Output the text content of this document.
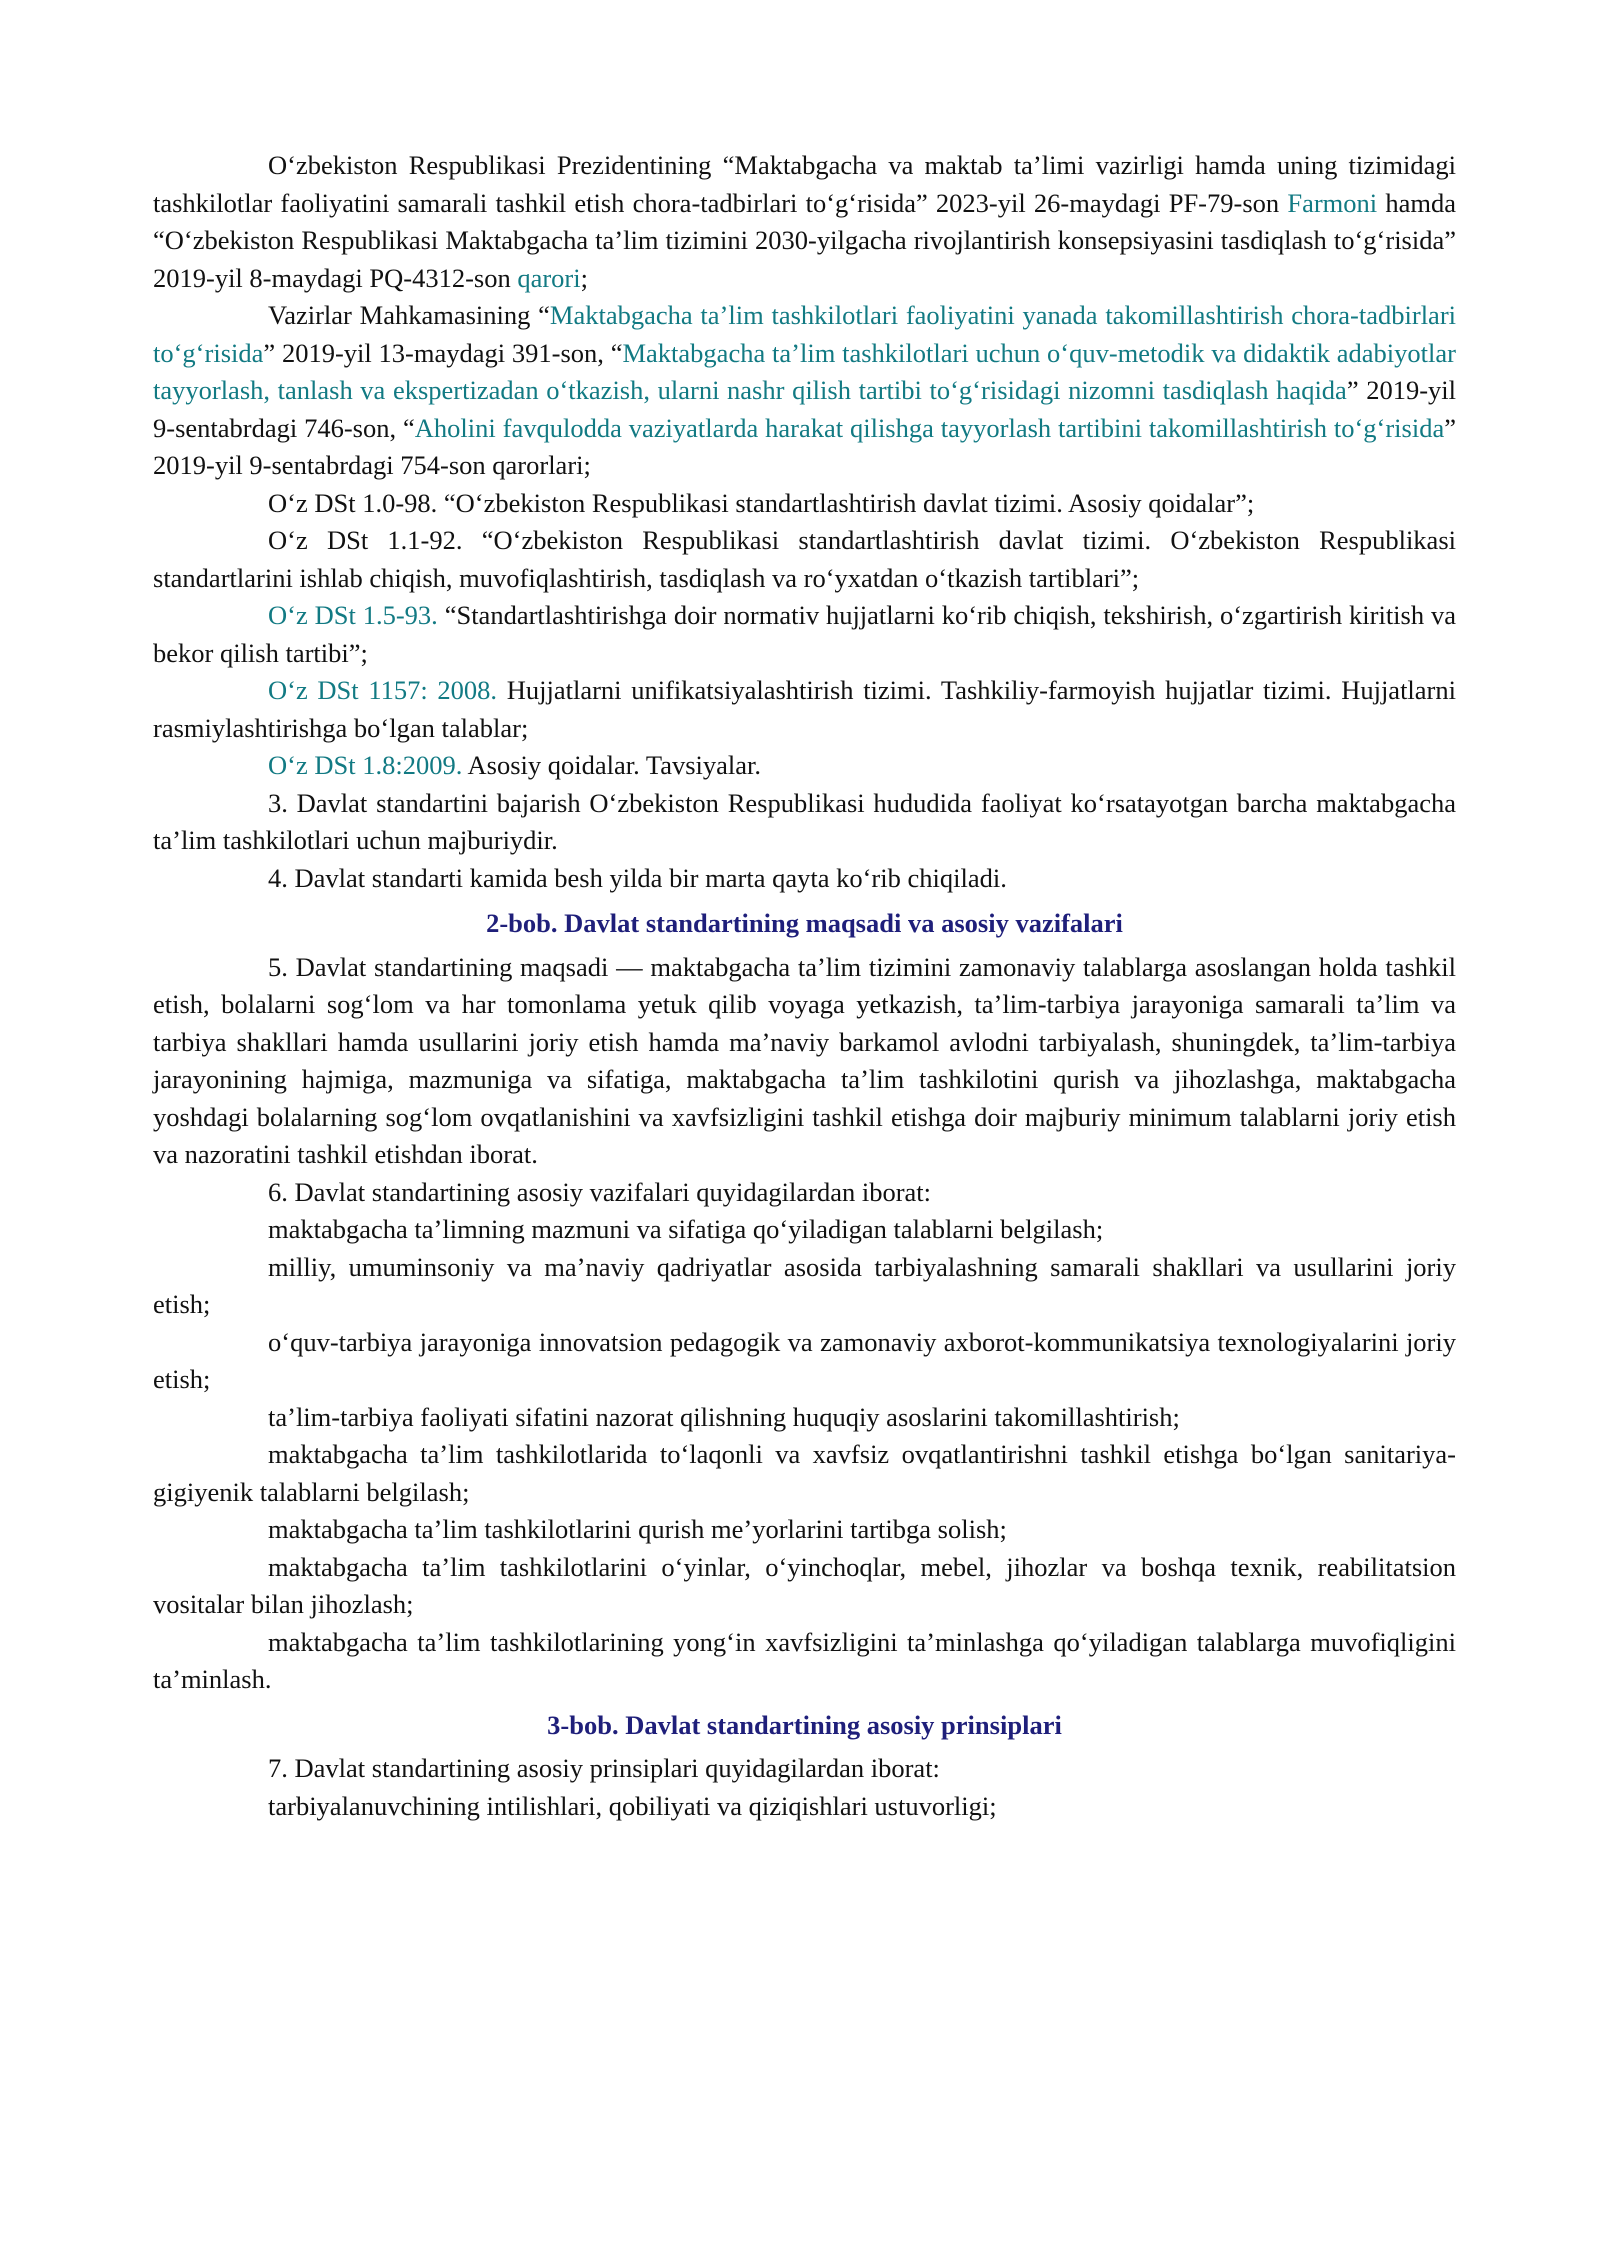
O‘zbekiston Respublikasi Prezidentining “Maktabgacha va maktab ta’limi vazirligi hamda uning tizimidagi tashkilotlar faoliyatini samarali tashkil etish chora-tadbirlari to‘g‘risida” 2023-yil 26-maydagi PF-79-son Farmoni hamda “O‘zbekiston Respublikasi Maktabgacha ta’lim tizimini 2030-yilgacha rivojlantirish konsepsiyasini tasdiqlash to‘g‘risida” 2019-yil 8-maydagi PQ-4312-son qarori;

Vazirlar Mahkamasining “Maktabgacha ta’lim tashkilotlari faoliyatini yanada takomillashtirish chora-tadbirlari to‘g‘risida” 2019-yil 13-maydagi 391-son, “Maktabgacha ta’lim tashkilotlari uchun o‘quv-metodik va didaktik adabiyotlar tayyorlash, tanlash va ekspertizadan o‘tkazish, ularni nashr qilish tartibi to‘g‘risidagi nizomni tasdiqlash haqida” 2019-yil 9-sentabrdagi 746-son, “Aholini favqulodda vaziyatlarda harakat qilishga tayyorlash tartibini takomillashtirish to‘g‘risida” 2019-yil 9-sentabrdagi 754-son qarorlari;

O‘z DSt 1.0-98. “O‘zbekiston Respublikasi standartlashtirish davlat tizimi. Asosiy qoidalar”;

O‘z DSt 1.1-92. “O‘zbekiston Respublikasi standartlashtirish davlat tizimi. O‘zbekiston Respublikasi standartlarini ishlab chiqish, muvofiqlashtirish, tasdiqlash va ro‘yxatdan o‘tkazish tartiblari”;

O‘z DSt 1.5-93. “Standartlashtirishga doir normativ hujjatlarni ko‘rib chiqish, tekshirish, o‘zgartirish kiritish va bekor qilish tartibi”;

O‘z DSt 1157: 2008. Hujjatlarni unifikatsiyalashtirish tizimi. Tashkiliy-farmoyish hujjatlar tizimi. Hujjatlarni rasmiylashtirishga bo‘lgan talablar;

O‘z DSt 1.8:2009. Asosiy qoidalar. Tavsiyalar.

3. Davlat standartini bajarish O‘zbekiston Respublikasi hududida faoliyat ko‘rsatayotgan barcha maktabgacha ta’lim tashkilotlari uchun majburiydir.

4. Davlat standarti kamida besh yilda bir marta qayta ko‘rib chiqiladi.

2-bob. Davlat standartining maqsadi va asosiy vazifalari

5. Davlat standartining maqsadi — maktabgacha ta’lim tizimini zamonaviy talablarga asoslangan holda tashkil etish, bolalarni sog‘lom va har tomonlama yetuk qilib voyaga yetkazish, ta’lim-tarbiya jarayoniga samarali ta’lim va tarbiya shakllari hamda usullarini joriy etish hamda ma’naviy barkamol avlodni tarbiyalash, shuningdek, ta’lim-tarbiya jarayonining hajmiga, mazmuniga va sifatiga, maktabgacha ta’lim tashkilotini qurish va jihozlashga, maktabgacha yoshdagi bolalarning sog‘lom ovqatlanishini va xavfsizligini tashkil etishga doir majburiy minimum talablarni joriy etish va nazoratini tashkil etishdan iborat.

6. Davlat standartining asosiy vazifalari quyidagilardan iborat:

maktabgacha ta’limning mazmuni va sifatiga qo‘yiladigan talablarni belgilash;

milliy, umuminsoniy va ma’naviy qadriyatlar asosida tarbiyalashning samarali shakllari va usullarini joriy etish;

o‘quv-tarbiya jarayoniga innovatsion pedagogik va zamonaviy axborot-kommunikatsiya texnologiyalarini joriy etish;

ta’lim-tarbiya faoliyati sifatini nazorat qilishning huquqiy asoslarini takomillashtirish;

maktabgacha ta’lim tashkilotlarida to‘laqonli va xavfsiz ovqatlantirishni tashkil etishga bo‘lgan sanitariya-gigiyenik talablarni belgilash;

maktabgacha ta’lim tashkilotlarini qurish me’yorlarini tartibga solish;

maktabgacha ta’lim tashkilotlarini o‘yinlar, o‘yinchoqlar, mebel, jihozlar va boshqa texnik, reabilitatsion vositalar bilan jihozlash;

maktabgacha ta’lim tashkilotlarining yong‘in xavfsizligini ta’minlashga qo‘yiladigan talablarga muvofiqligini ta’minlash.

3-bob. Davlat standartining asosiy prinsiplari

7. Davlat standartining asosiy prinsiplari quyidagilardan iborat:

tarbiyalanuvchining intilishlari, qobiliyati va qiziqishlari ustuvorligi;
